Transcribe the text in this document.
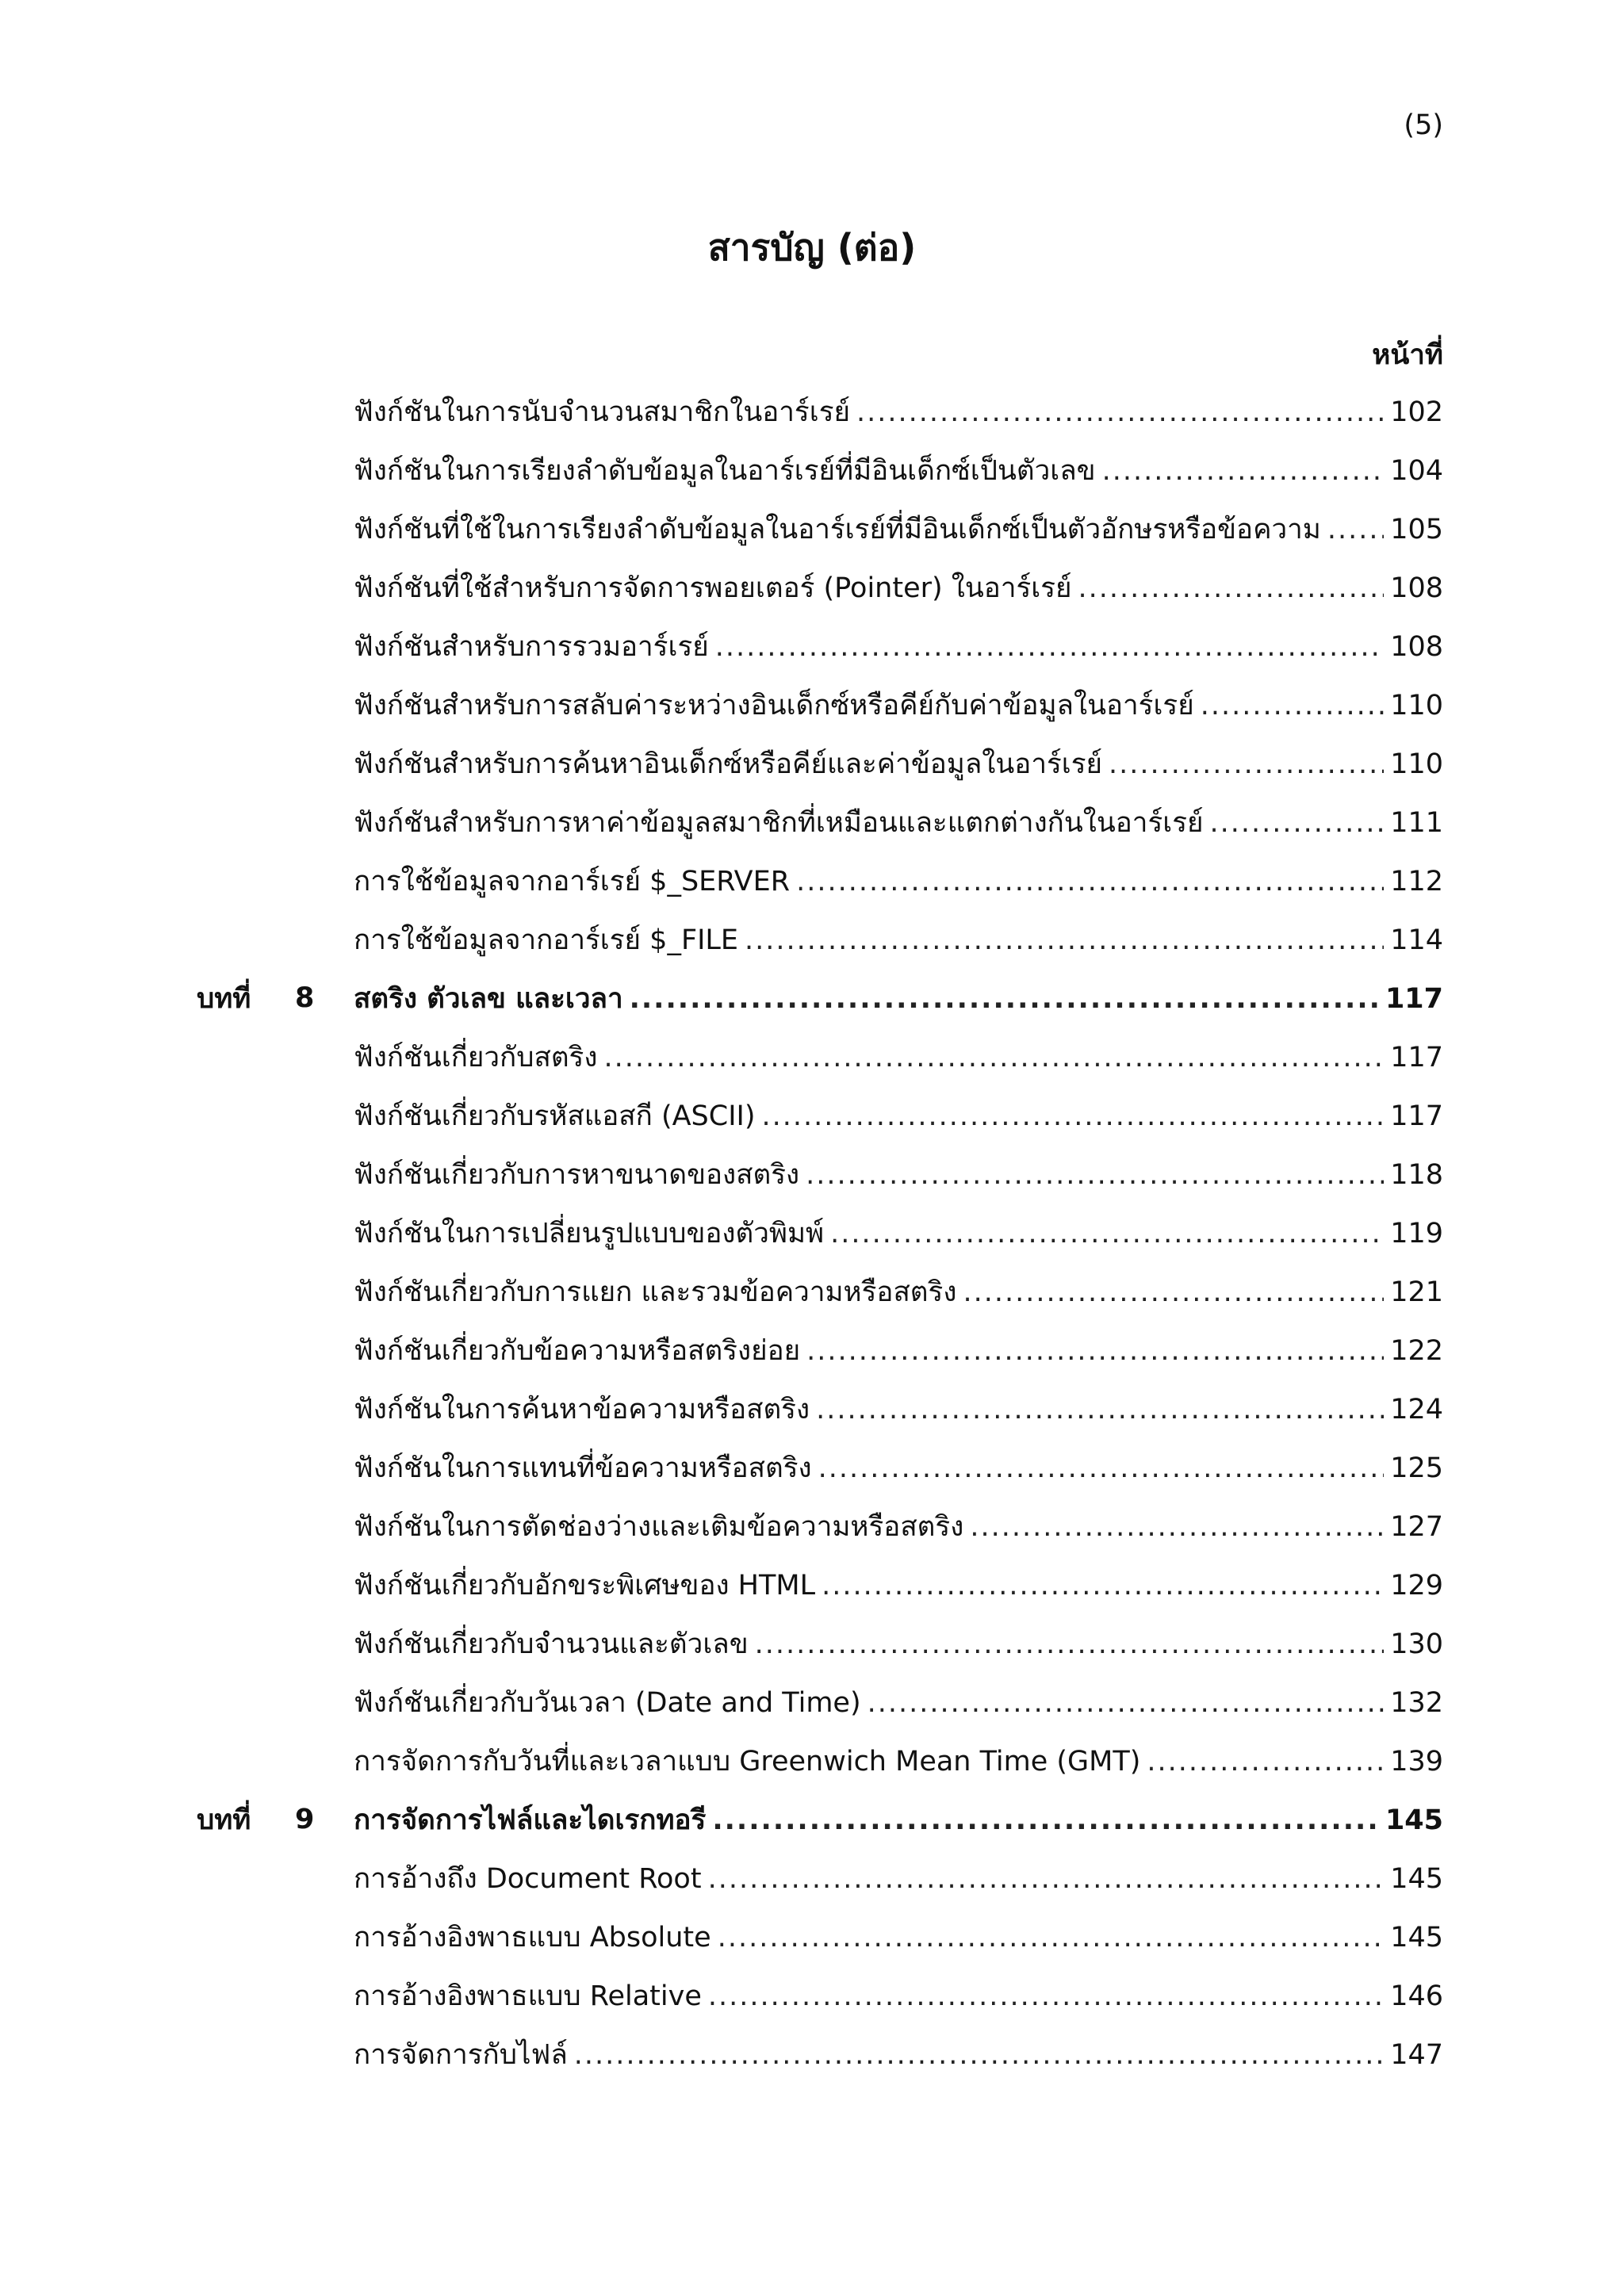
(5)
สารบัญ (ต่อ)
หน้าที่
ฟังก์ชันในการนับจำนวนสมาชิกในอาร์เรย์ .....	102
ฟังก์ชันในการเรียงลำดับข้อมูลในอาร์เรย์ที่มีอินเด็กซ์เป็นตัวเลข .....	104
ฟังก์ชันที่ใช้ในการเรียงลำดับข้อมูลในอาร์เรย์ที่มีอินเด็กซ์เป็นตัวอักษรหรือข้อความ ..... 105
ฟังก์ชันที่ใช้สำหรับการจัดการพอยเตอร์ (Pointer) ในอาร์เรย์ .....	108
ฟังก์ชันสำหรับการรวมอาร์เรย์ .....	108
ฟังก์ชันสำหรับการสลับค่าระหว่างอินเด็กซ์หรือคีย์กับค่าข้อมูลในอาร์เรย์ .....	110
ฟังก์ชันสำหรับการค้นหาอินเด็กซ์หรือคีย์และค่าข้อมูลในอาร์เรย์ .....	110
ฟังก์ชันสำหรับการหาค่าข้อมูลสมาชิกที่เหมือนและแตกต่างกันในอาร์เรย์ .....	111
การใช้ข้อมูลจากอาร์เรย์ $_SERVER .....	112
การใช้ข้อมูลจากอาร์เรย์ $_FILE .....	114
บทที่	8	สตริง ตัวเลข และเวลา .....	117
ฟังก์ชันเกี่ยวกับสตริง .....	117
ฟังก์ชันเกี่ยวกับรหัสแอสกี (ASCII) .....	117
ฟังก์ชันเกี่ยวกับการหาขนาดของสตริง .....	118
ฟังก์ชันในการเปลี่ยนรูปแบบของตัวพิมพ์ .....	119
ฟังก์ชันเกี่ยวกับการแยก และรวมข้อความหรือสตริง .....	121
ฟังก์ชันเกี่ยวกับข้อความหรือสตริงย่อย .....	122
ฟังก์ชันในการค้นหาข้อความหรือสตริง .....	124
ฟังก์ชันในการแทนที่ข้อความหรือสตริง .....	125
ฟังก์ชันในการตัดช่องว่างและเติมข้อความหรือสตริง .....	127
ฟังก์ชันเกี่ยวกับอักขระพิเศษของ HTML .....	129
ฟังก์ชันเกี่ยวกับจำนวนและตัวเลข .....	130
ฟังก์ชันเกี่ยวกับวันเวลา (Date and Time) .....	132
การจัดการกับวันที่และเวลาแบบ Greenwich Mean Time (GMT) .....	139
บทที่	9	การจัดการไฟล์และไดเรกทอรี .....	145
การอ้างถึง Document Root .....	145
การอ้างอิงพาธแบบ Absolute .....	145
การอ้างอิงพาธแบบ Relative .....	146
การจัดการกับไฟล์ .....	147
